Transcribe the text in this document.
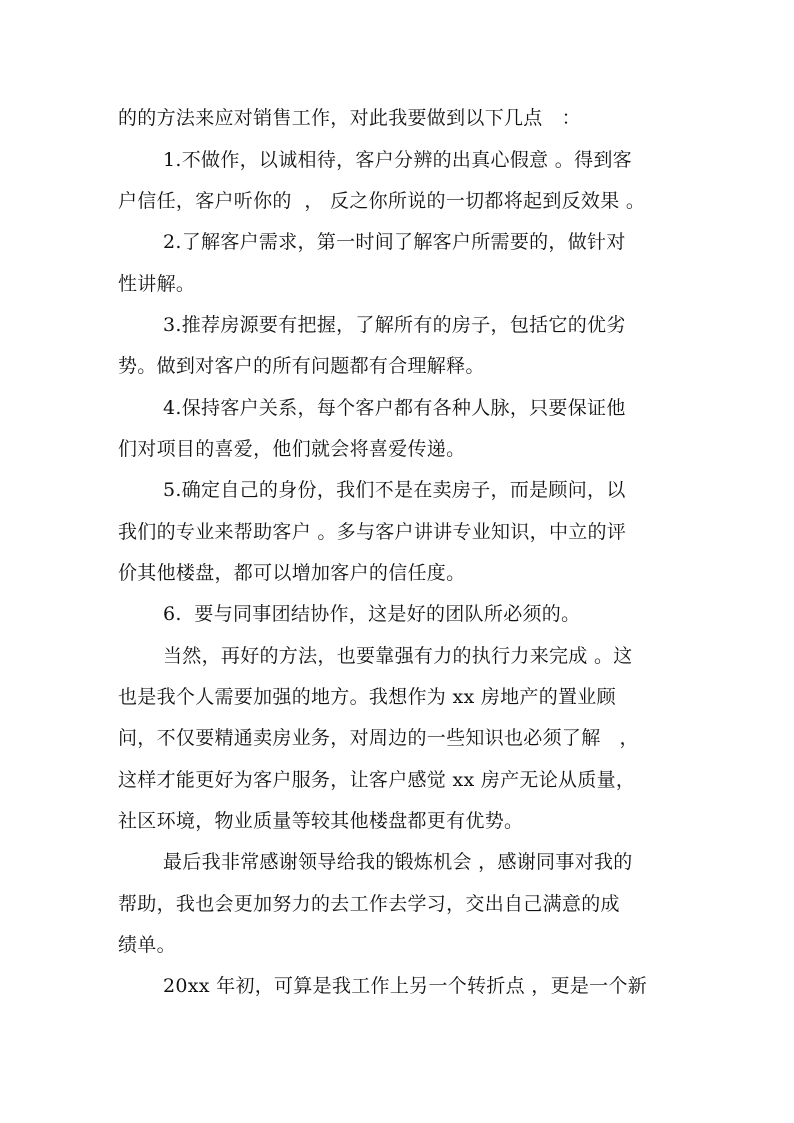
的的方法来应对销售工作，对此我要做到以下几点   ：
1.不做作，以诚相待，客户分辨的出真心假意 。得到客
户信任，客户听你的  ， 反之你所说的一切都将起到反效果 。
2.了解客户需求，第一时间了解客户所需要的，做针对
性讲解。
3.推荐房源要有把握，了解所有的房子，包括它的优劣
势。做到对客户的所有问题都有合理解释。
4.保持客户关系，每个客户都有各种人脉，只要保证他
们对项目的喜爱，他们就会将喜爱传递。
5.确定自己的身份，我们不是在卖房子，而是顾问，以
我们的专业来帮助客户 。多与客户讲讲专业知识，中立的评
价其他楼盘，都可以增加客户的信任度。
6.  要与同事团结协作，这是好的团队所必须的。
当然，再好的方法，也要靠强有力的执行力来完成 。这
也是我个人需要加强的地方。我想作为 xx 房地产的置业顾
问，不仅要精通卖房业务，对周边的一些知识也必须了解   ，
这样才能更好为客户服务，让客户感觉 xx 房产无论从质量，
社区环境，物业质量等较其他楼盘都更有优势。
最后我非常感谢领导给我的锻炼机会 ，感谢同事对我的
帮助，我也会更加努力的去工作去学习，交出自己满意的成
绩单。
20xx 年初，可算是我工作上另一个转折点 ，更是一个新
